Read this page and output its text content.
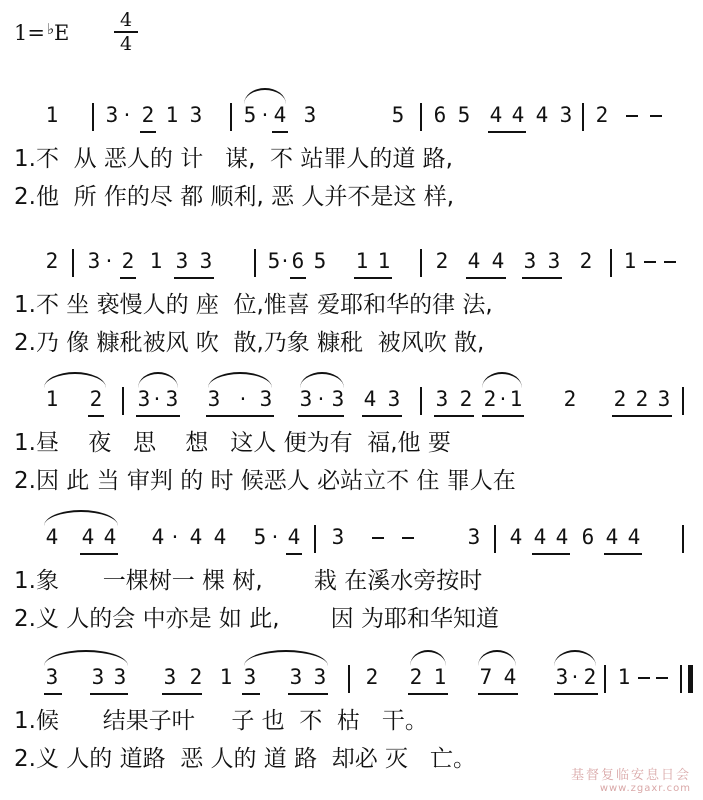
1= ♭E
4
4
1 3 · 2 1 3 5 · 4 3	5 6 5 4 4 4 3 2
1.不  从 恶人的 计   谋,  不 站罪人的道 路,
2.他  所 作的尽 都 顺利, 恶 人并不是这 样,
2 3 · 2 1 3 3	5 · 6 5 1 1 2 4 4 3 3 2 1
1.不 坐 亵慢人的 座  位,惟喜 爱耶和华的律 法,
2.乃 像 糠秕被风 吹  散,乃象 糠秕  被风吹 散,
1 2 3 · 3 3 · 3 3 · 3 4 3 3 2 2 · 1 2 2 2 3
1.昼    夜   思    想   这人 便为有  福,他 要
2.因 此 当 审判 的 时 候恶人 必站立不 住 罪人在
4 4 4 4 · 4 4 5 · 4 3	3 4 4 4 6 4 4
1.象      一棵树一 棵 树,       栽 在溪水旁按时
2.义 人的会 中亦是 如 此,       因 为耶和华知道
3 3 3 3 2 1 3 3 3 2 2 1 7 4 3 · 2 1
1.候      结果子叶     子 也  不  枯   干。
2.义 人的 道路  恶 人的 道 路  却必 灭   亡。
基督复临安息日会
www.zgaxr.com
